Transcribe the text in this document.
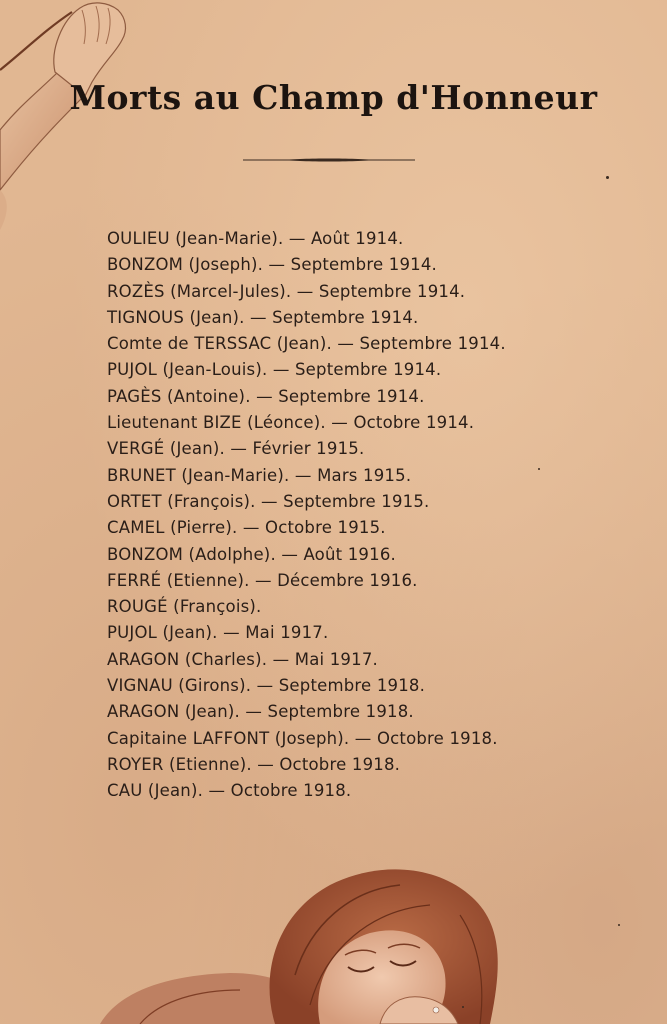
Morts au Champ d'Honneur
OULIEU (Jean-Marie). — Août 1914.
BONZOM (Joseph). — Septembre 1914.
ROZÈS (Marcel-Jules). — Septembre 1914.
TIGNOUS (Jean). — Septembre 1914.
Comte de TERSSAC (Jean). — Septembre 1914.
PUJOL (Jean-Louis). — Septembre 1914.
PAGÈS (Antoine). — Septembre 1914.
Lieutenant BIZE (Léonce). — Octobre 1914.
VERGÉ (Jean). — Février 1915.
BRUNET (Jean-Marie). — Mars 1915.
ORTET (François). — Septembre 1915.
CAMEL (Pierre). — Octobre 1915.
BONZOM (Adolphe). — Août 1916.
FERRÉ (Etienne). — Décembre 1916.
ROUGÉ (François).
PUJOL (Jean). — Mai 1917.
ARAGON (Charles). — Mai 1917.
VIGNAU (Girons). — Septembre 1918.
ARAGON (Jean). — Septembre 1918.
Capitaine LAFFONT (Joseph). — Octobre 1918.
ROYER (Etienne). — Octobre 1918.
CAU (Jean). — Octobre 1918.
